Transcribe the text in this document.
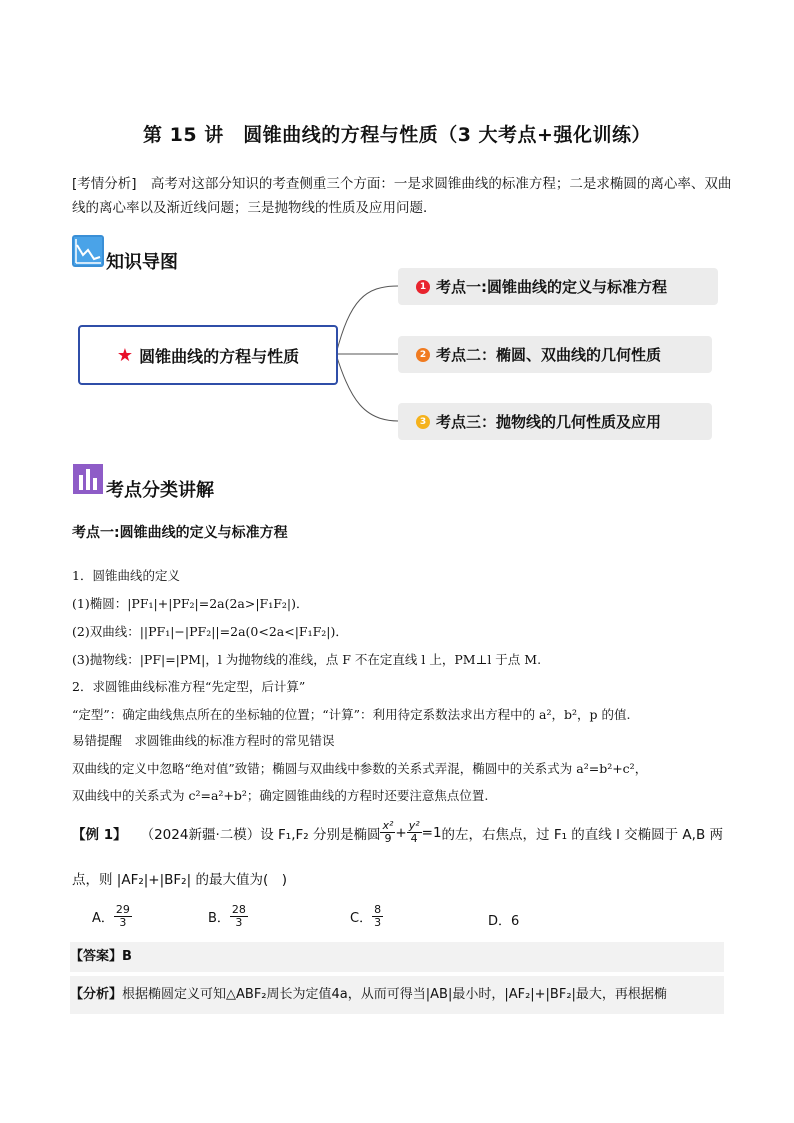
第 15 讲　圆锥曲线的方程与性质（3 大考点+强化训练）
[考情分析] 高考对这部分知识的考查侧重三个方面：一是求圆锥曲线的标准方程；二是求椭圆的离心率、双曲线的离心率以及渐近线问题；三是抛物线的性质及应用问题．
知识导图
★ 圆锥曲线的方程与性质
1 考点一:圆锥曲线的定义与标准方程
2 考点二：椭圆、双曲线的几何性质
3 考点三：抛物线的几何性质及应用
考点分类讲解
考点一:圆锥曲线的定义与标准方程
1．圆锥曲线的定义
(1)椭圆：|PF₁|+|PF₂|=2a(2a>|F₁F₂|)．
(2)双曲线：||PF₁|−|PF₂||=2a(0<2a<|F₁F₂|)．
(3)抛物线：|PF|=|PM|，l 为抛物线的准线，点 F 不在定直线 l 上，PM⊥l 于点 M.
2．求圆锥曲线标准方程“先定型，后计算”
“定型”：确定曲线焦点所在的坐标轴的位置；“计算”：利用待定系数法求出方程中的 a²，b²，p 的值.
易错提醒　求圆锥曲线的标准方程时的常见错误
双曲线的定义中忽略“绝对值”致错；椭圆与双曲线中参数的关系式弄混，椭圆中的关系式为 a²=b²+c²，
双曲线中的关系式为 c²=a²+b²；确定圆锥曲线的方程时还要注意焦点位置.
【例 1】 （2024新疆·二模） 设 F₁,F₂ 分别是椭圆 $\frac{\text{x²}}{9} + \frac{\text{y²}}{4} =1$ 的左，右焦点，过 F₁ 的直线 l 交椭圆于 A,B 两
点，则 |AF₂|+|BF₂| 的最大值为(　)
A． $\frac{29}{3}$	B． $\frac{28}{3}$	C． $\frac{8}{3}$	D．6
【答案】B
【分析】根据椭圆定义可知△ABF₂周长为定值4a，从而可得当|AB|最小时，|AF₂|+|BF₂|最大，再根据椭
